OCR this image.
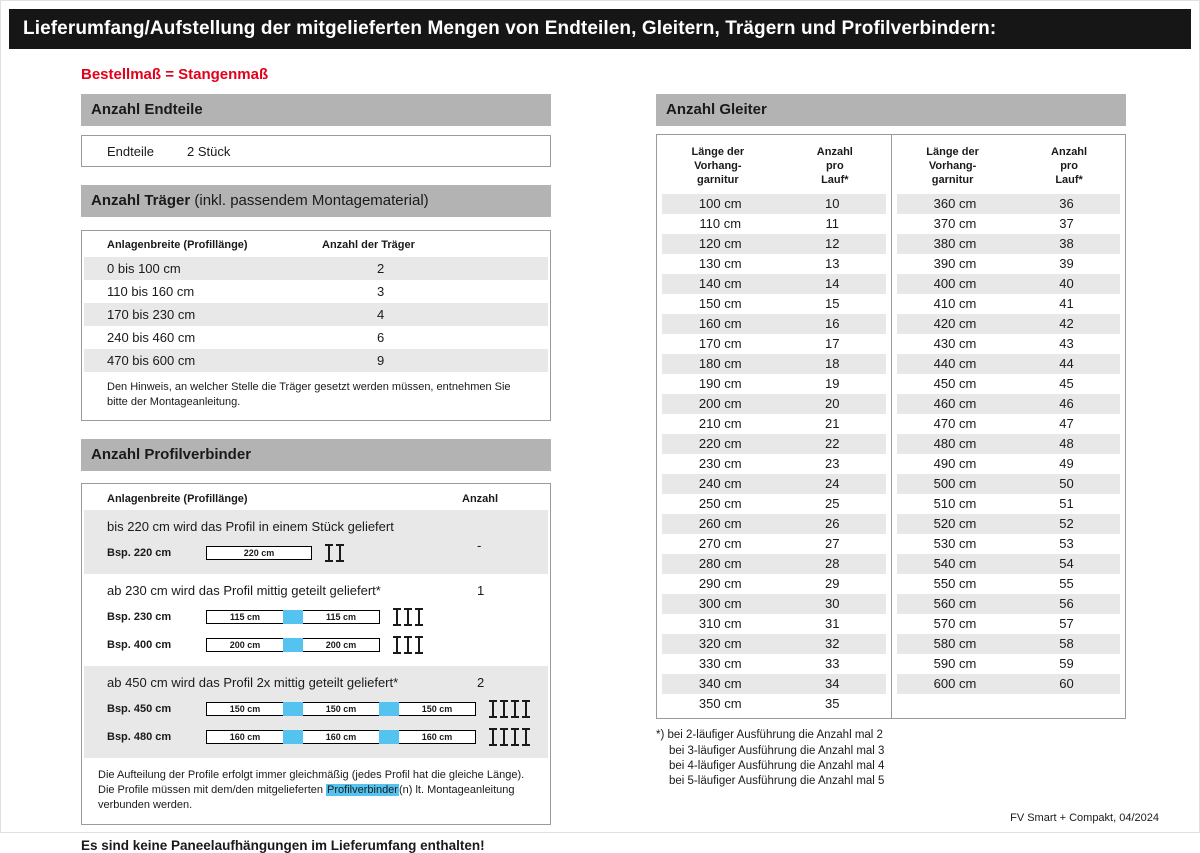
Lieferumfang/Aufstellung der mitgelieferten Mengen von Endteilen, Gleitern, Trägern und Profilverbindern:
Bestellmaß = Stangenmaß
Anzahl Endteile
Endteile	2 Stück
Anzahl Träger (inkl. passendem Montagematerial)
Anlagenbreite (Profillänge)	Anzahl der Träger
0 bis 100 cm	2
110 bis 160 cm	3
170 bis 230 cm	4
240 bis 460 cm	6
470 bis 600 cm	9
Den Hinweis, an welcher Stelle die Träger gesetzt werden müssen, entnehmen Sie bitte der Montageanleitung.
Anzahl Profilverbinder
Anlagenbreite (Profillänge)	Anzahl
bis 220 cm wird das Profil in einem Stück geliefert
-
Bsp. 220 cm	220 cm
ab 230 cm wird das Profil mittig geteilt geliefert*	1
Bsp. 230 cm	115 cm	115 cm
Bsp. 400 cm	200 cm	200 cm
ab 450 cm wird das Profil 2x mittig geteilt geliefert*	2
Bsp. 450 cm	150 cm	150 cm	150 cm
Bsp. 480 cm	160 cm	160 cm	160 cm
Die Aufteilung der Profile erfolgt immer gleichmäßig (jedes Profil hat die gleiche Länge). Die Profile müssen mit dem/den mitgelieferten Profilverbinder(n) lt. Montageanleitung verbunden werden.
Es sind keine Paneelaufhängungen im Lieferumfang enthalten!
Anzahl Gleiter
Länge der
Vorhang-
garnitur
Anzahl
pro
Lauf*
100 cm	10
110 cm	11
120 cm	12
130 cm	13
140 cm	14
150 cm	15
160 cm	16
170 cm	17
180 cm	18
190 cm	19
200 cm	20
210 cm	21
220 cm	22
230 cm	23
240 cm	24
250 cm	25
260 cm	26
270 cm	27
280 cm	28
290 cm	29
300 cm	30
310 cm	31
320 cm	32
330 cm	33
340 cm	34
350 cm	35
Länge der
Vorhang-
garnitur
Anzahl
pro
Lauf*
360 cm	36
370 cm	37
380 cm	38
390 cm	39
400 cm	40
410 cm	41
420 cm	42
430 cm	43
440 cm	44
450 cm	45
460 cm	46
470 cm	47
480 cm	48
490 cm	49
500 cm	50
510 cm	51
520 cm	52
530 cm	53
540 cm	54
550 cm	55
560 cm	56
570 cm	57
580 cm	58
590 cm	59
600 cm	60
*) bei 2-läufiger Ausführung die Anzahl mal 2
bei 3-läufiger Ausführung die Anzahl mal 3
bei 4-läufiger Ausführung die Anzahl mal 4
bei 5-läufiger Ausführung die Anzahl mal 5
FV Smart + Compakt, 04/2024
